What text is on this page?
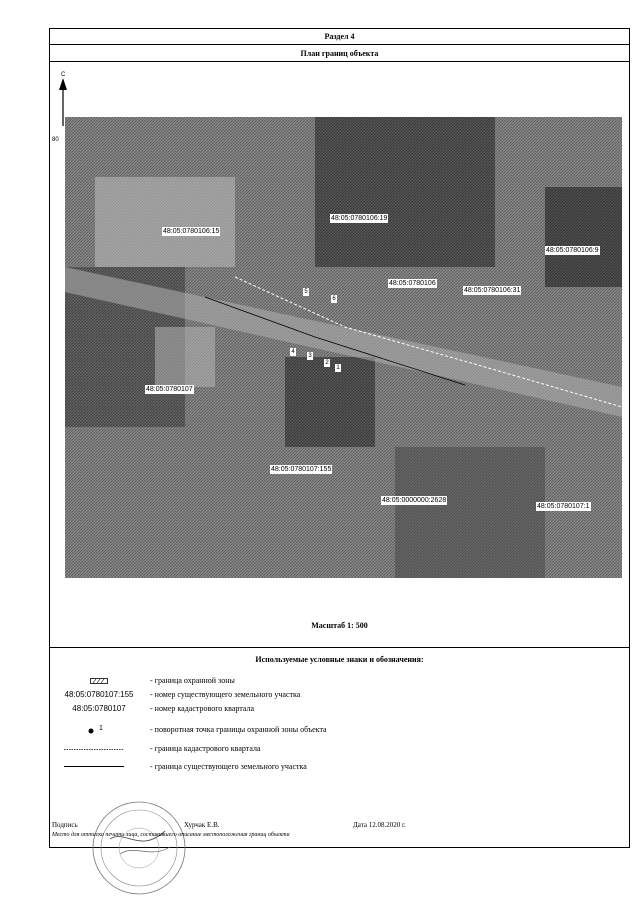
Раздел 4
План границ объекта
С
80
48:05:0780106:15
48:05:0780106:19
48:05:0780106:9
48:05:0780106
48:05:0780106:31
48:05:0780107
48:05:0780107:155
48:05:0000000:2628
48:05:0780107:1
5
6
4
3
2
1
Масштаб 1: 500
Используемые условные знаки и обозначения:
- граница охранной зоны
48:05:0780107:155	- номер существующего земельного участка
48:05:0780107	- номер кадастрового квартала
1	- поворотная точка границы охранной зоны объекта
- граница кадастрового квартала
- граница существующего земельного участка
Подпись	Хурчак Е.В.	Дата 12.08.2020 г.
Место для оттиска печати лица, составившего описание местоположения границ объекта
